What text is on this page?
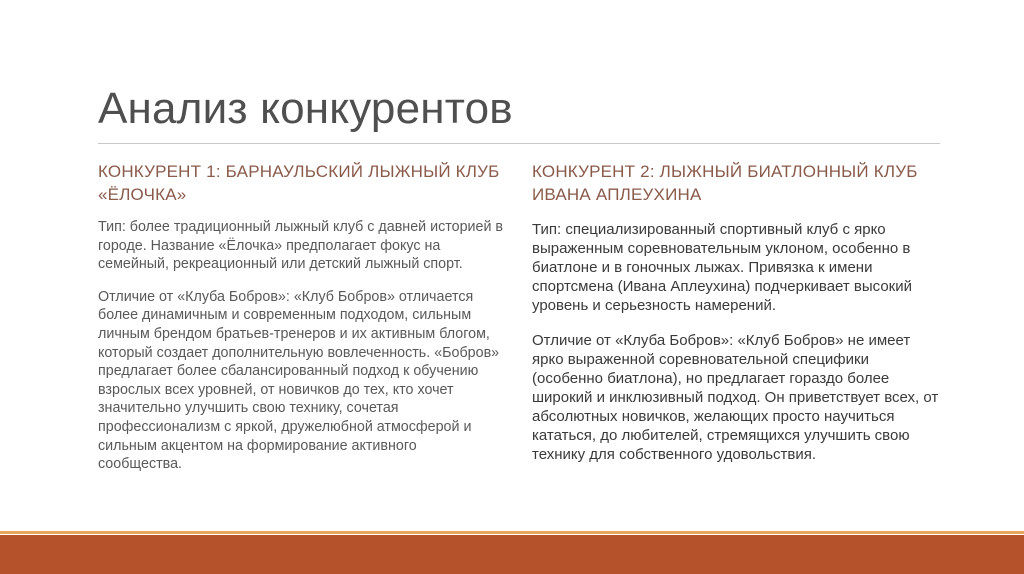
Анализ конкурентов
КОНКУРЕНТ 1: БАРНАУЛЬСКИЙ ЛЫЖНЫЙ КЛУБ «ЁЛОЧКА»

Тип: более традиционный лыжный клуб с давней историей в городе. Название «Ёлочка» предполагает фокус на семейный, рекреационный или детский лыжный спорт.

Отличие от «Клуба Бобров»: «Клуб Бобров» отличается более динамичным и современным подходом, сильным личным брендом братьев-тренеров и их активным блогом, который создает дополнительную вовлеченность. «Бобров» предлагает более сбалансированный подход к обучению взрослых всех уровней, от новичков до тех, кто хочет значительно улучшить свою технику, сочетая профессионализм с яркой, дружелюбной атмосферой и сильным акцентом на формирование активного сообщества.

КОНКУРЕНТ 2: ЛЫЖНЫЙ БИАТЛОННЫЙ КЛУБ ИВАНА АПЛЕУХИНА

Тип: специализированный спортивный клуб с ярко выраженным соревновательным уклоном, особенно в биатлоне и в гоночных лыжах. Привязка к имени спортсмена (Ивана Аплеухина) подчеркивает высокий уровень и серьезность намерений.

Отличие от «Клуба Бобров»: «Клуб Бобров» не имеет ярко выраженной соревновательной специфики (особенно биатлона), но предлагает гораздо более широкий и инклюзивный подход. Он приветствует всех, от абсолютных новичков, желающих просто научиться кататься, до любителей, стремящихся улучшить свою технику для собственного удовольствия.
